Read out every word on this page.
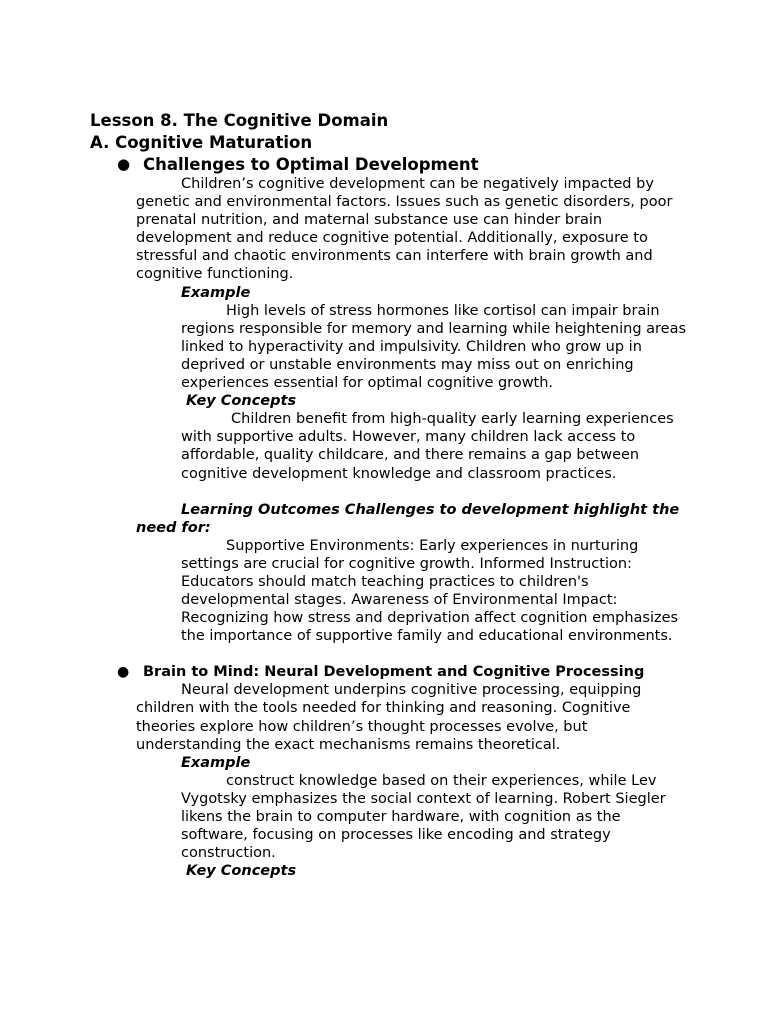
Lesson 8. The Cognitive Domain
A. Cognitive Maturation
● Challenges to Optimal Development

Children’s cognitive development can be negatively impacted by genetic and environmental factors. Issues such as genetic disorders, poor prenatal nutrition, and maternal substance use can hinder brain development and reduce cognitive potential. Additionally, exposure to stressful and chaotic environments can interfere with brain growth and cognitive functioning.

Example

High levels of stress hormones like cortisol can impair brain regions responsible for memory and learning while heightening areas linked to hyperactivity and impulsivity. Children who grow up in deprived or unstable environments may miss out on enriching experiences essential for optimal cognitive growth.

Key Concepts

Children benefit from high-quality early learning experiences with supportive adults. However, many children lack access to affordable, quality childcare, and there remains a gap between cognitive development knowledge and classroom practices.

Learning Outcomes Challenges to development highlight the need for:

Supportive Environments: Early experiences in nurturing settings are crucial for cognitive growth. Informed Instruction: Educators should match teaching practices to children's developmental stages. Awareness of Environmental Impact: Recognizing how stress and deprivation affect cognition emphasizes the importance of supportive family and educational environments.

● Brain to Mind: Neural Development and Cognitive Processing

Neural development underpins cognitive processing, equipping children with the tools needed for thinking and reasoning. Cognitive theories explore how children’s thought processes evolve, but understanding the exact mechanisms remains theoretical.

Example

construct knowledge based on their experiences, while Lev Vygotsky emphasizes the social context of learning. Robert Siegler likens the brain to computer hardware, with cognition as the software, focusing on processes like encoding and strategy construction.

Key Concepts
